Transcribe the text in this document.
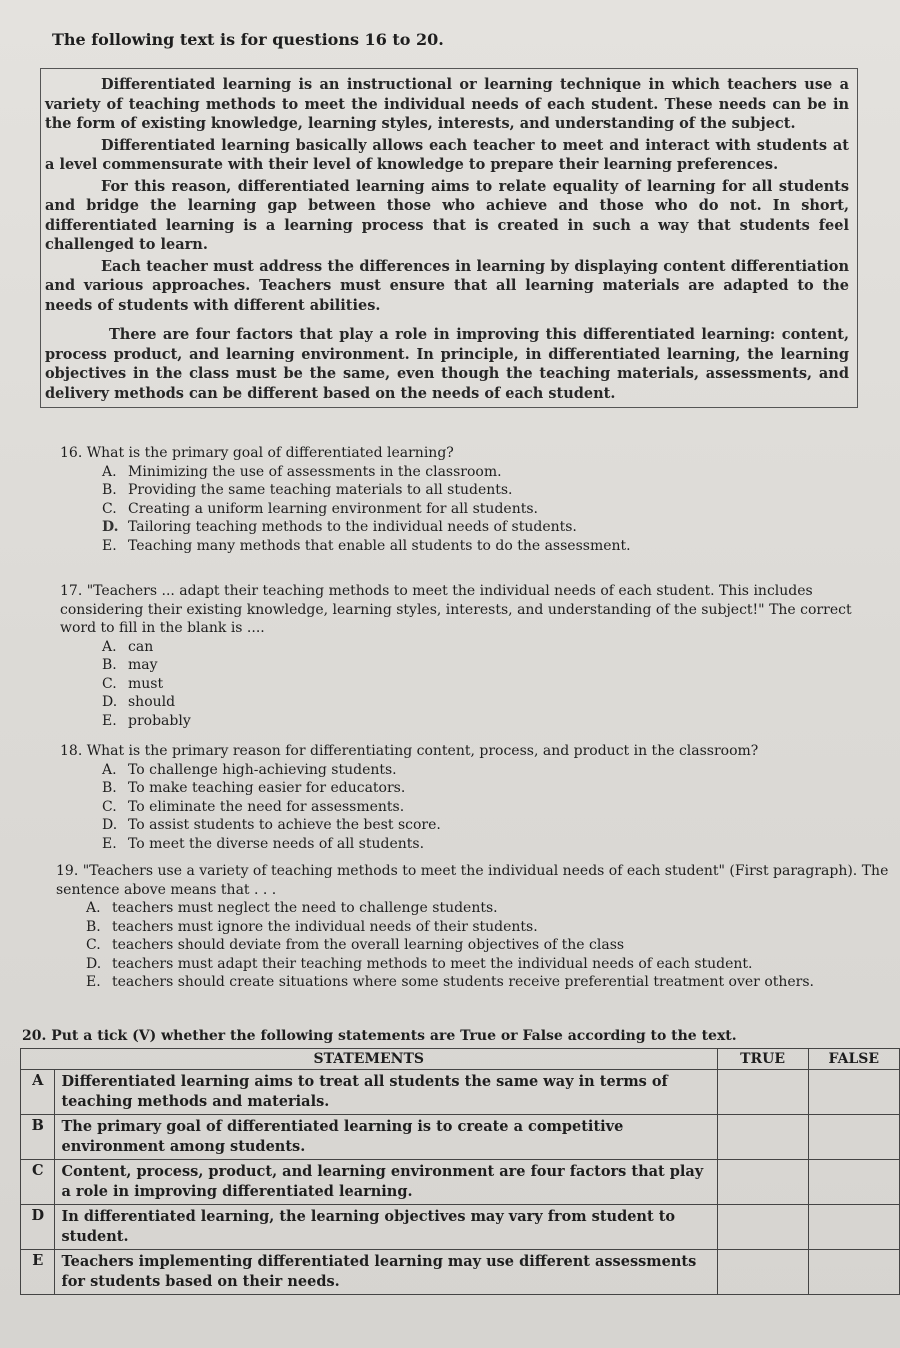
The following text is for questions 16 to 20.

Differentiated learning is an instructional or learning technique in which teachers use a variety of teaching methods to meet the individual needs of each student. These needs can be in the form of existing knowledge, learning styles, interests, and understanding of the subject.

Differentiated learning basically allows each teacher to meet and interact with students at a level commensurate with their level of knowledge to prepare their learning preferences.

For this reason, differentiated learning aims to relate equality of learning for all students and bridge the learning gap between those who achieve and those who do not. In short, differentiated learning is a learning process that is created in such a way that students feel challenged to learn.

Each teacher must address the differences in learning by displaying content differentiation and various approaches. Teachers must ensure that all learning materials are adapted to the needs of students with different abilities.

There are four factors that play a role in improving this differentiated learning: content, process product, and learning environment. In principle, in differentiated learning, the learning objectives in the class must be the same, even though the teaching materials, assessments, and delivery methods can be different based on the needs of each student.

16. What is the primary goal of differentiated learning?

A. Minimizing the use of assessments in the classroom.
B. Providing the same teaching materials to all students.
C. Creating a uniform learning environment for all students.
D. Tailoring teaching methods to the individual needs of students.
E. Teaching many methods that enable all students to do the assessment.

17. "Teachers ... adapt their teaching methods to meet the individual needs of each student. This includes considering their existing knowledge, learning styles, interests, and understanding of the subject!" The correct word to fill in the blank is ....

A. can
B. may
C. must
D. should
E. probably

18. What is the primary reason for differentiating content, process, and product in the classroom?

A. To challenge high-achieving students.
B. To make teaching easier for educators.
C. To eliminate the need for assessments.
D. To assist students to achieve the best score.
E. To meet the diverse needs of all students.

19. "Teachers use a variety of teaching methods to meet the individual needs of each student" (First paragraph). The sentence above means that . . .

A. teachers must neglect the need to challenge students.
B. teachers must ignore the individual needs of their students.
C. teachers should deviate from the overall learning objectives of the class
D. teachers must adapt their teaching methods to meet the individual needs of each student.
E. teachers should create situations where some students receive preferential treatment over others.

20. Put a tick (V) whether the following statements are True or False according to the text.

STATEMENTS		TRUE	FALSE
A	Differentiated learning aims to treat all students the same way in terms of teaching methods and materials.		
B	The primary goal of differentiated learning is to create a competitive environment among students.		
C	Content, process, product, and learning environment are four factors that play a role in improving differentiated learning.		
D	In differentiated learning, the learning objectives may vary from student to student.		
E	Teachers implementing differentiated learning may use different assessments for students based on their needs.		
